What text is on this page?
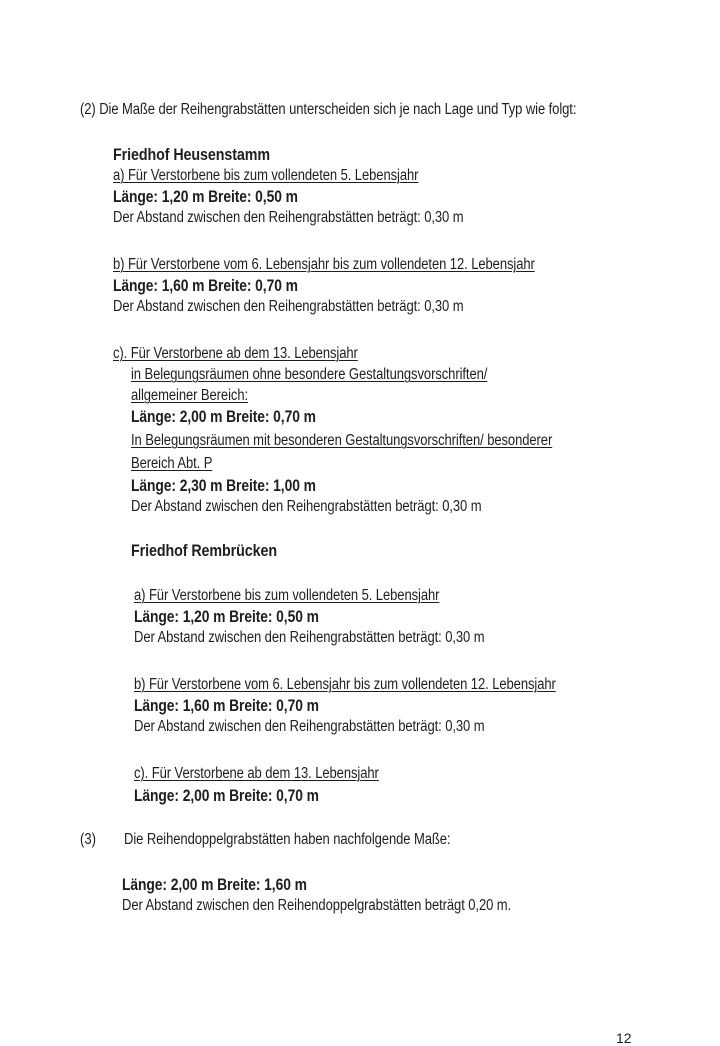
(2) Die Maße der Reihengrabstätten unterscheiden sich je nach Lage und Typ wie folgt:
Friedhof Heusenstamm
a) Für Verstorbene bis zum vollendeten 5. Lebensjahr
Länge: 1,20 m Breite: 0,50 m
Der Abstand zwischen den Reihengrabstätten beträgt: 0,30 m
b) Für Verstorbene vom 6. Lebensjahr bis zum vollendeten 12. Lebensjahr
Länge: 1,60 m Breite: 0,70 m
Der Abstand zwischen den Reihengrabstätten beträgt: 0,30 m
c). Für Verstorbene ab dem 13. Lebensjahr
in Belegungsräumen ohne besondere Gestaltungsvorschriften/
allgemeiner Bereich:
Länge: 2,00 m Breite: 0,70 m
In Belegungsräumen mit besonderen Gestaltungsvorschriften/ besonderer
Bereich Abt. P
Länge: 2,30 m Breite: 1,00 m
Der Abstand zwischen den Reihengrabstätten beträgt: 0,30 m
Friedhof Rembrücken
a) Für Verstorbene bis zum vollendeten 5. Lebensjahr
Länge: 1,20 m Breite: 0,50 m
Der Abstand zwischen den Reihengrabstätten beträgt: 0,30 m
b) Für Verstorbene vom 6. Lebensjahr bis zum vollendeten 12. Lebensjahr
Länge: 1,60 m Breite: 0,70 m
Der Abstand zwischen den Reihengrabstätten beträgt: 0,30 m
c). Für Verstorbene ab dem 13. Lebensjahr
Länge: 2,00 m Breite: 0,70 m
(3) Die Reihendoppelgrabstätten haben nachfolgende Maße:
Länge: 2,00 m Breite: 1,60 m
Der Abstand zwischen den Reihendoppelgrabstätten beträgt 0,20 m.
12
